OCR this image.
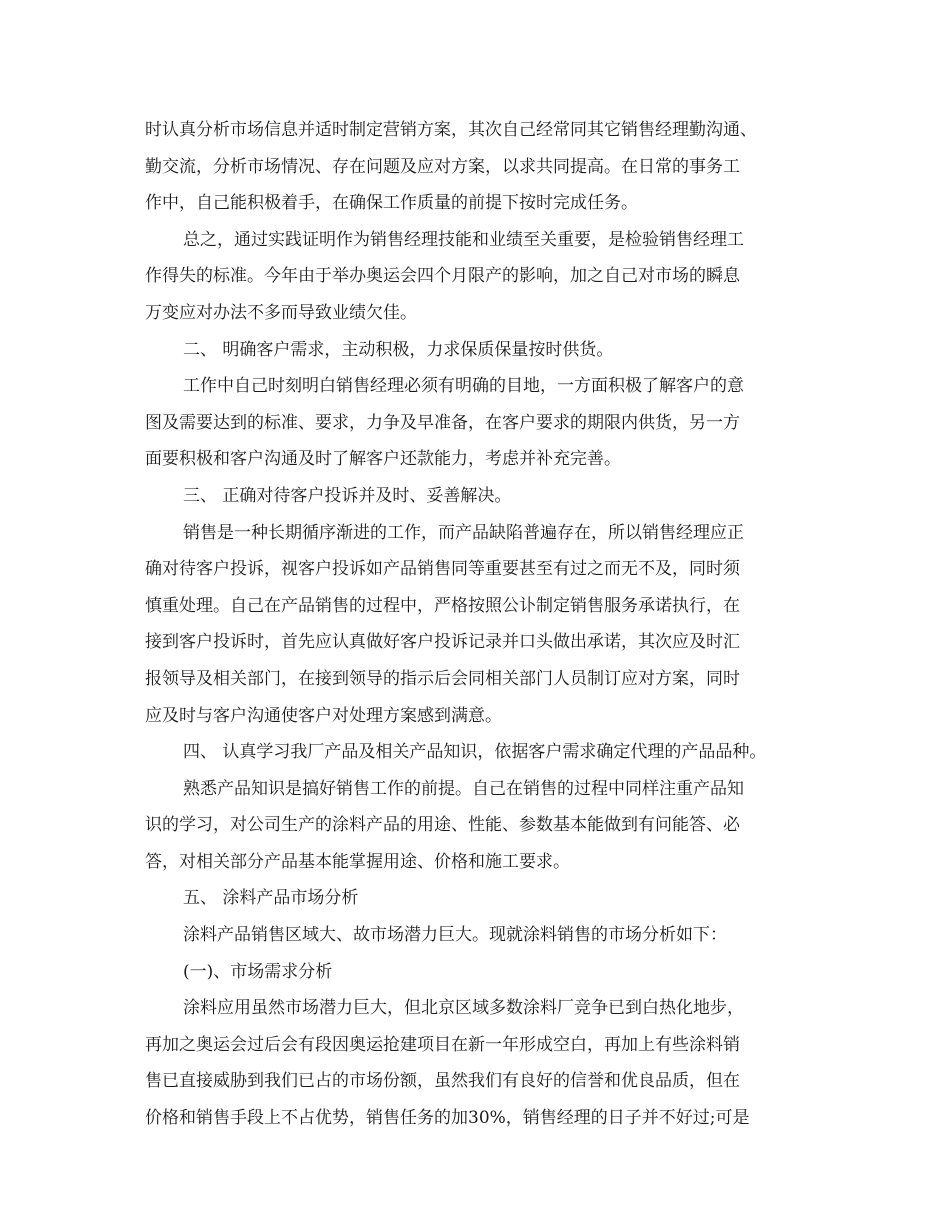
时认真分析市场信息并适时制定营销方案，其次自己经常同其它销售经理勤沟通、
勤交流，分析市场情况、存在问题及应对方案，以求共同提高。在日常的事务工
作中，自己能积极着手，在确保工作质量的前提下按时完成任务。
总之，通过实践证明作为销售经理技能和业绩至关重要，是检验销售经理工
作得失的标准。今年由于举办奥运会四个月限产的影响，加之自己对市场的瞬息
万变应对办法不多而导致业绩欠佳。
二、 明确客户需求，主动积极，力求保质保量按时供货。
工作中自己时刻明白销售经理必须有明确的目地，一方面积极了解客户的意
图及需要达到的标准、要求，力争及早准备，在客户要求的期限内供货，另一方
面要积极和客户沟通及时了解客户还款能力，考虑并补充完善。
三、 正确对待客户投诉并及时、妥善解决。
销售是一种长期循序渐进的工作，而产品缺陷普遍存在，所以销售经理应正
确对待客户投诉，视客户投诉如产品销售同等重要甚至有过之而无不及，同时须
慎重处理。自己在产品销售的过程中，严格按照公讣制定销售服务承诺执行，在
接到客户投诉时，首先应认真做好客户投诉记录并口头做出承诺，其次应及时汇
报领导及相关部门，在接到领导的指示后会同相关部门人员制订应对方案，同时
应及时与客户沟通使客户对处理方案感到满意。
四、 认真学习我厂产品及相关产品知识，依据客户需求确定代理的产品品种。
熟悉产品知识是搞好销售工作的前提。自己在销售的过程中同样注重产品知
识的学习，对公司生产的涂料产品的用途、性能、参数基本能做到有问能答、必
答，对相关部分产品基本能掌握用途、价格和施工要求。
五、 涂料产品市场分析
涂料产品销售区域大、故市场潜力巨大。现就涂料销售的市场分析如下：
(一)、市场需求分析
涂料应用虽然市场潜力巨大，但北京区域多数涂料厂竞争已到白热化地步，
再加之奥运会过后会有段因奥运抢建项目在新一年形成空白，再加上有些涂料销
售已直接威胁到我们已占的市场份额，虽然我们有良好的信誉和优良品质，但在
价格和销售手段上不占优势，销售任务的加30%，销售经理的日子并不好过;可是
